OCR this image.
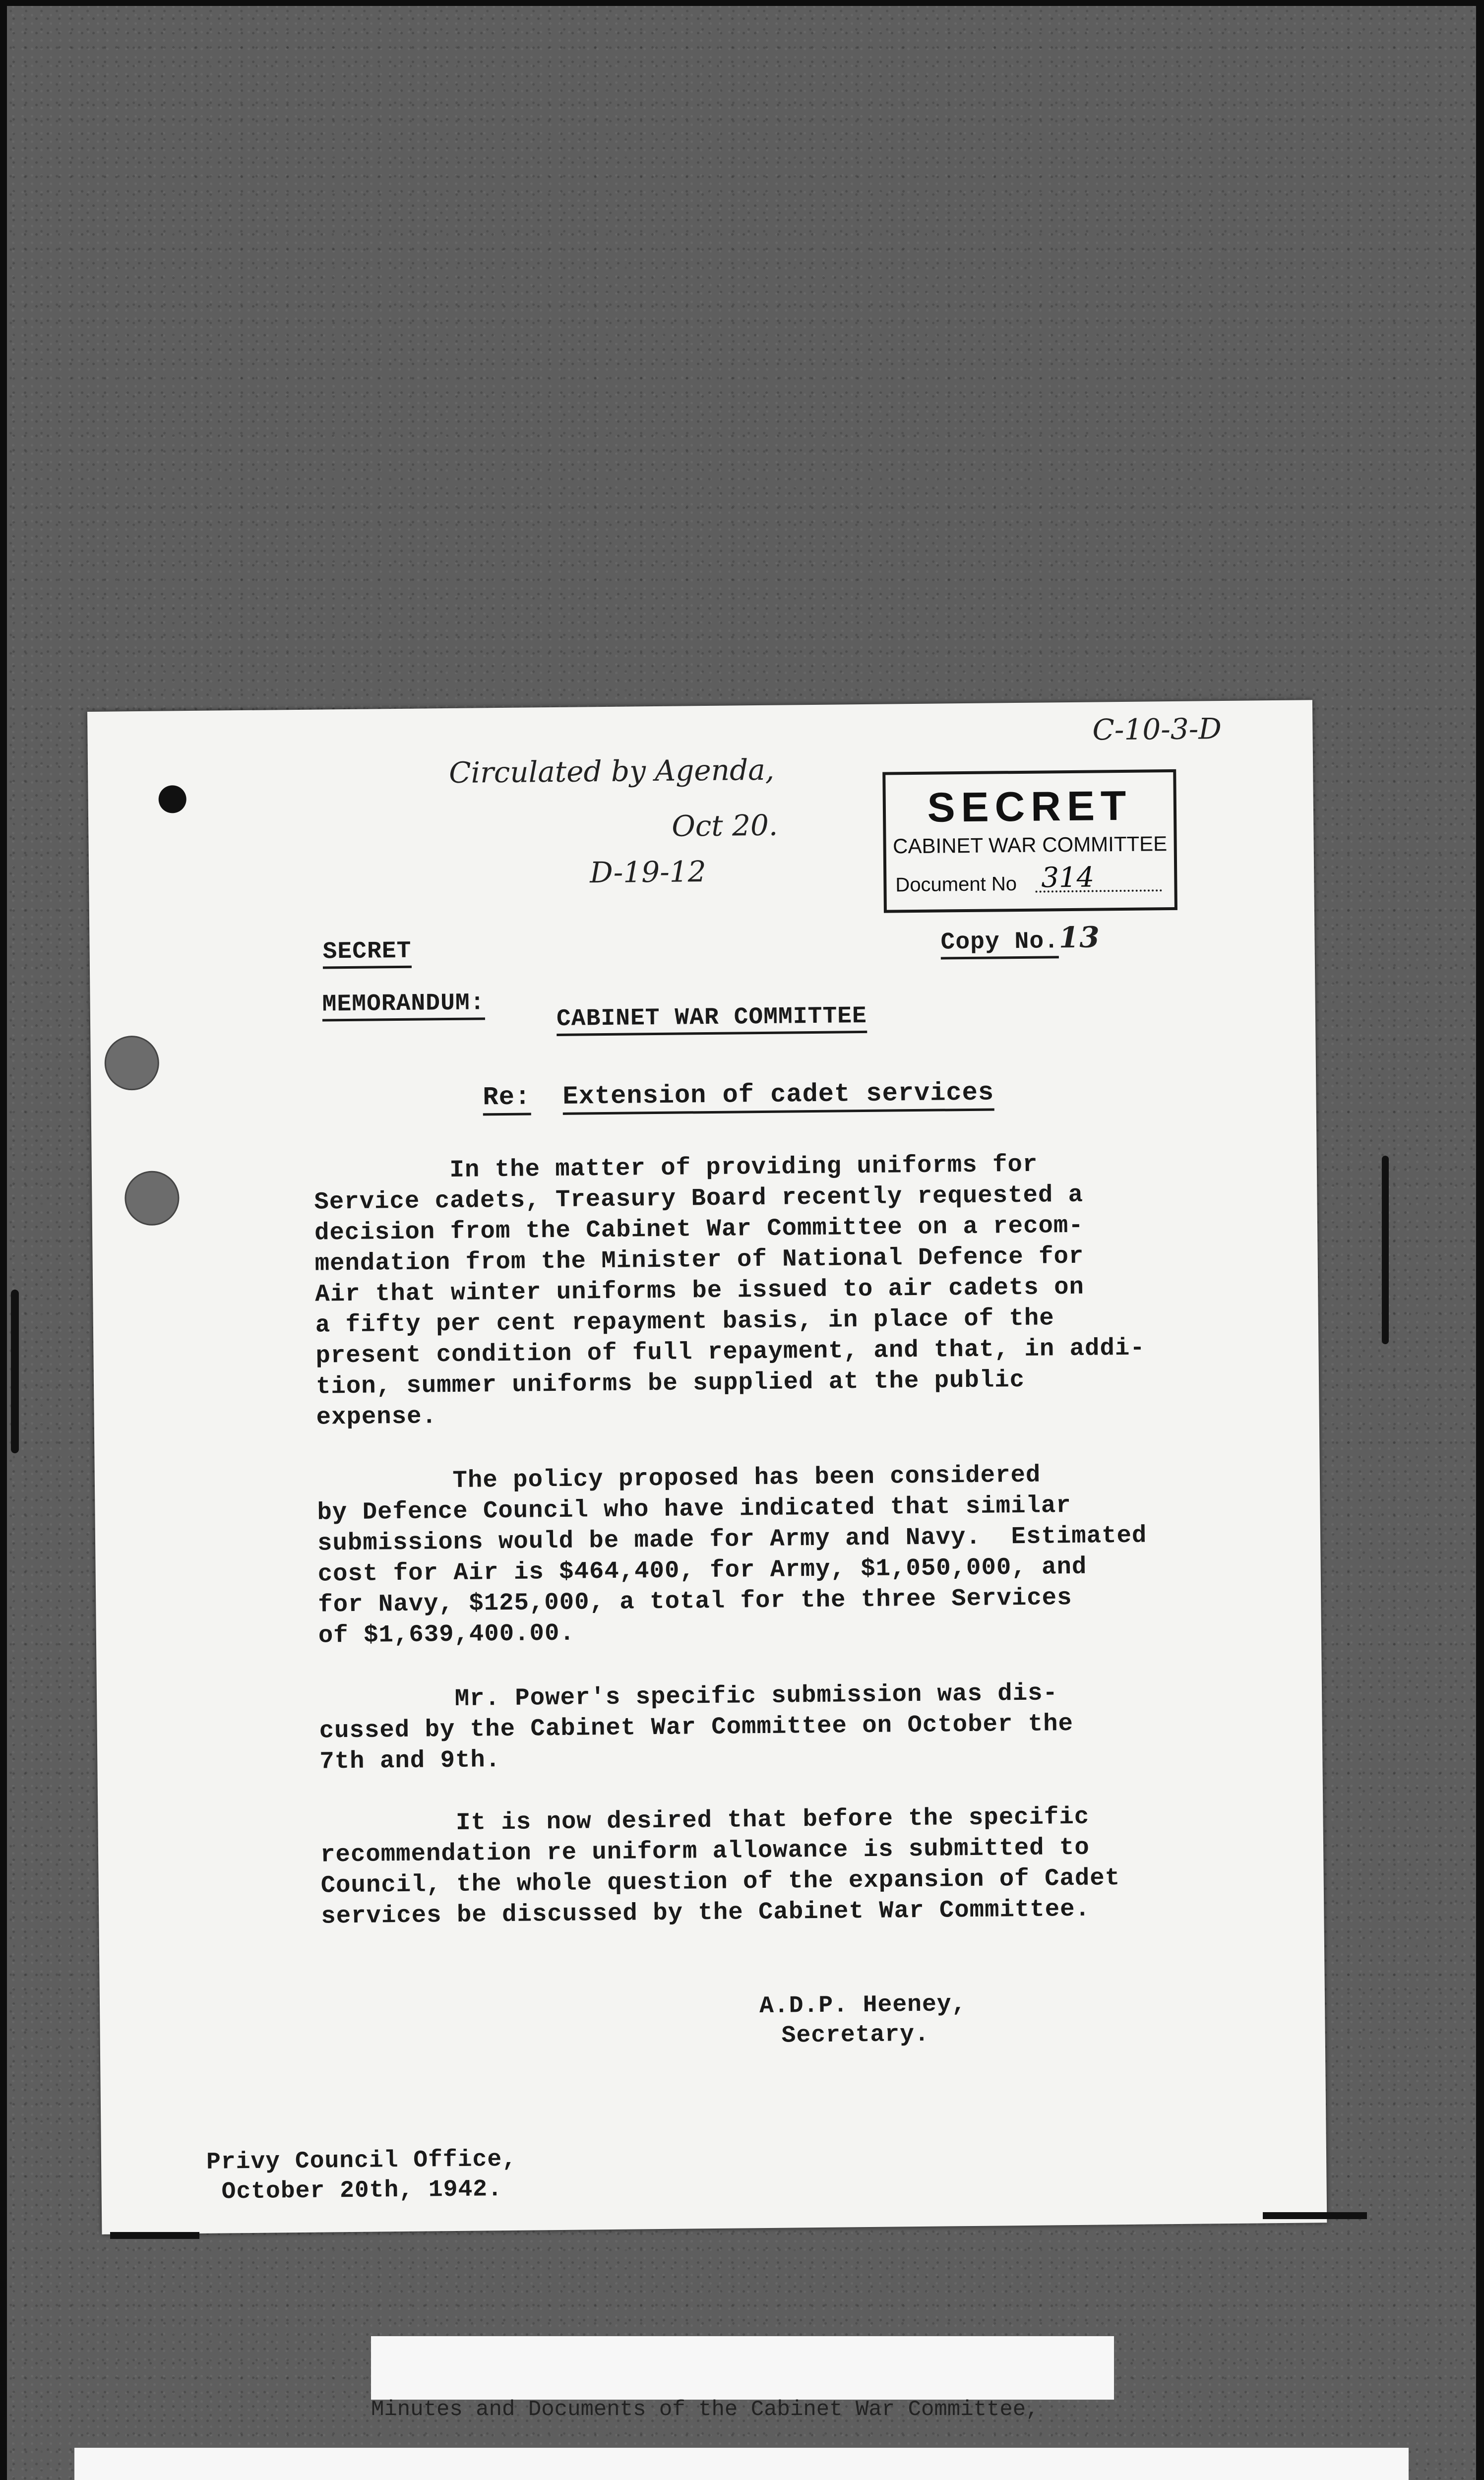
C-10-3-D
Circulated by Agenda,
Oct 20.
D-19-12
SECRET
CABINET WAR COMMITTEE
Document No 314
SECRET	Copy No.13
MEMORANDUM:	CABINET WAR COMMITTEE
Re: Extension of cadet services
In the matter of providing uniforms for
Service cadets, Treasury Board recently requested a
decision from the Cabinet War Committee on a recom-
mendation from the Minister of National Defence for
Air that winter uniforms be issued to air cadets on
a fifty per cent repayment basis, in place of the
present condition of full repayment, and that, in addi-
tion, summer uniforms be supplied at the public
expense.
The policy proposed has been considered
by Defence Council who have indicated that similar
submissions would be made for Army and Navy.  Estimated
cost for Air is $464,400, for Army, $1,050,000, and
for Navy, $125,000, a total for the three Services
of $1,639,400.00.
Mr. Power's specific submission was dis-
cussed by the Cabinet War Committee on October the
7th and 9th.
It is now desired that before the specific
recommendation re uniform allowance is submitted to
Council, the whole question of the expansion of Cadet
services be discussed by the Cabinet War Committee.
A.D.P. Heeney,
Secretary.
Privy Council Office,
October 20th, 1942.

Minutes and Documents of the Cabinet War Committee,
